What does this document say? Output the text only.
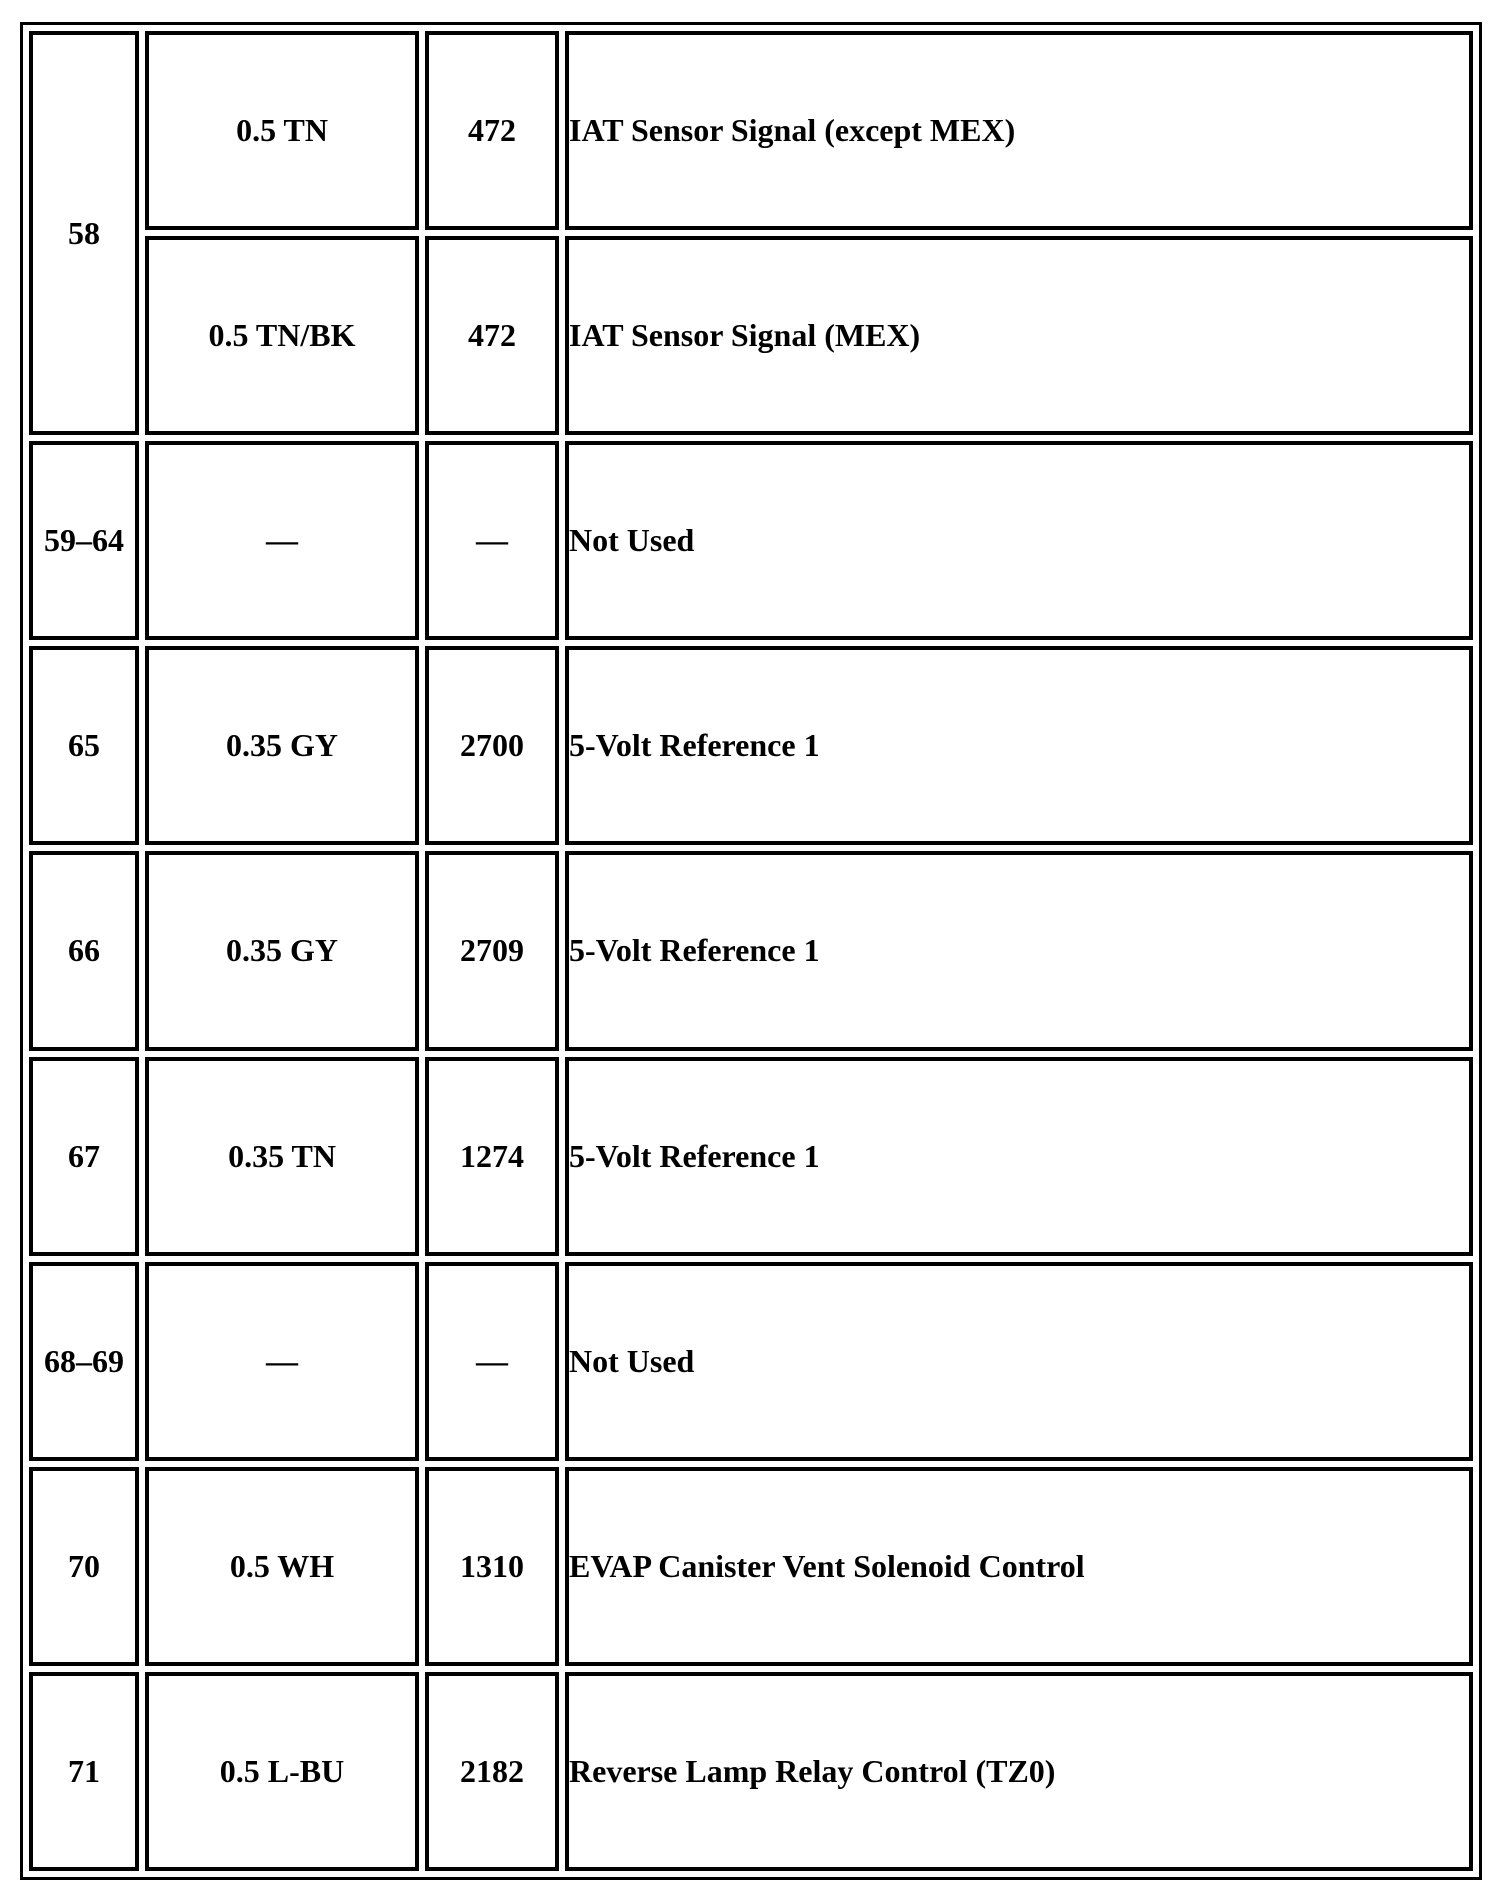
58	0.5 TN	472	IAT Sensor Signal (except MEX)
	0.5 TN/BK	472	IAT Sensor Signal (MEX)
59–64	—	—	Not Used
65	0.35 GY	2700	5-Volt Reference 1
66	0.35 GY	2709	5-Volt Reference 1
67	0.35 TN	1274	5-Volt Reference 1
68–69	—	—	Not Used
70	0.5 WH	1310	EVAP Canister Vent Solenoid Control
71	0.5 L-BU	2182	Reverse Lamp Relay Control (TZ0)
